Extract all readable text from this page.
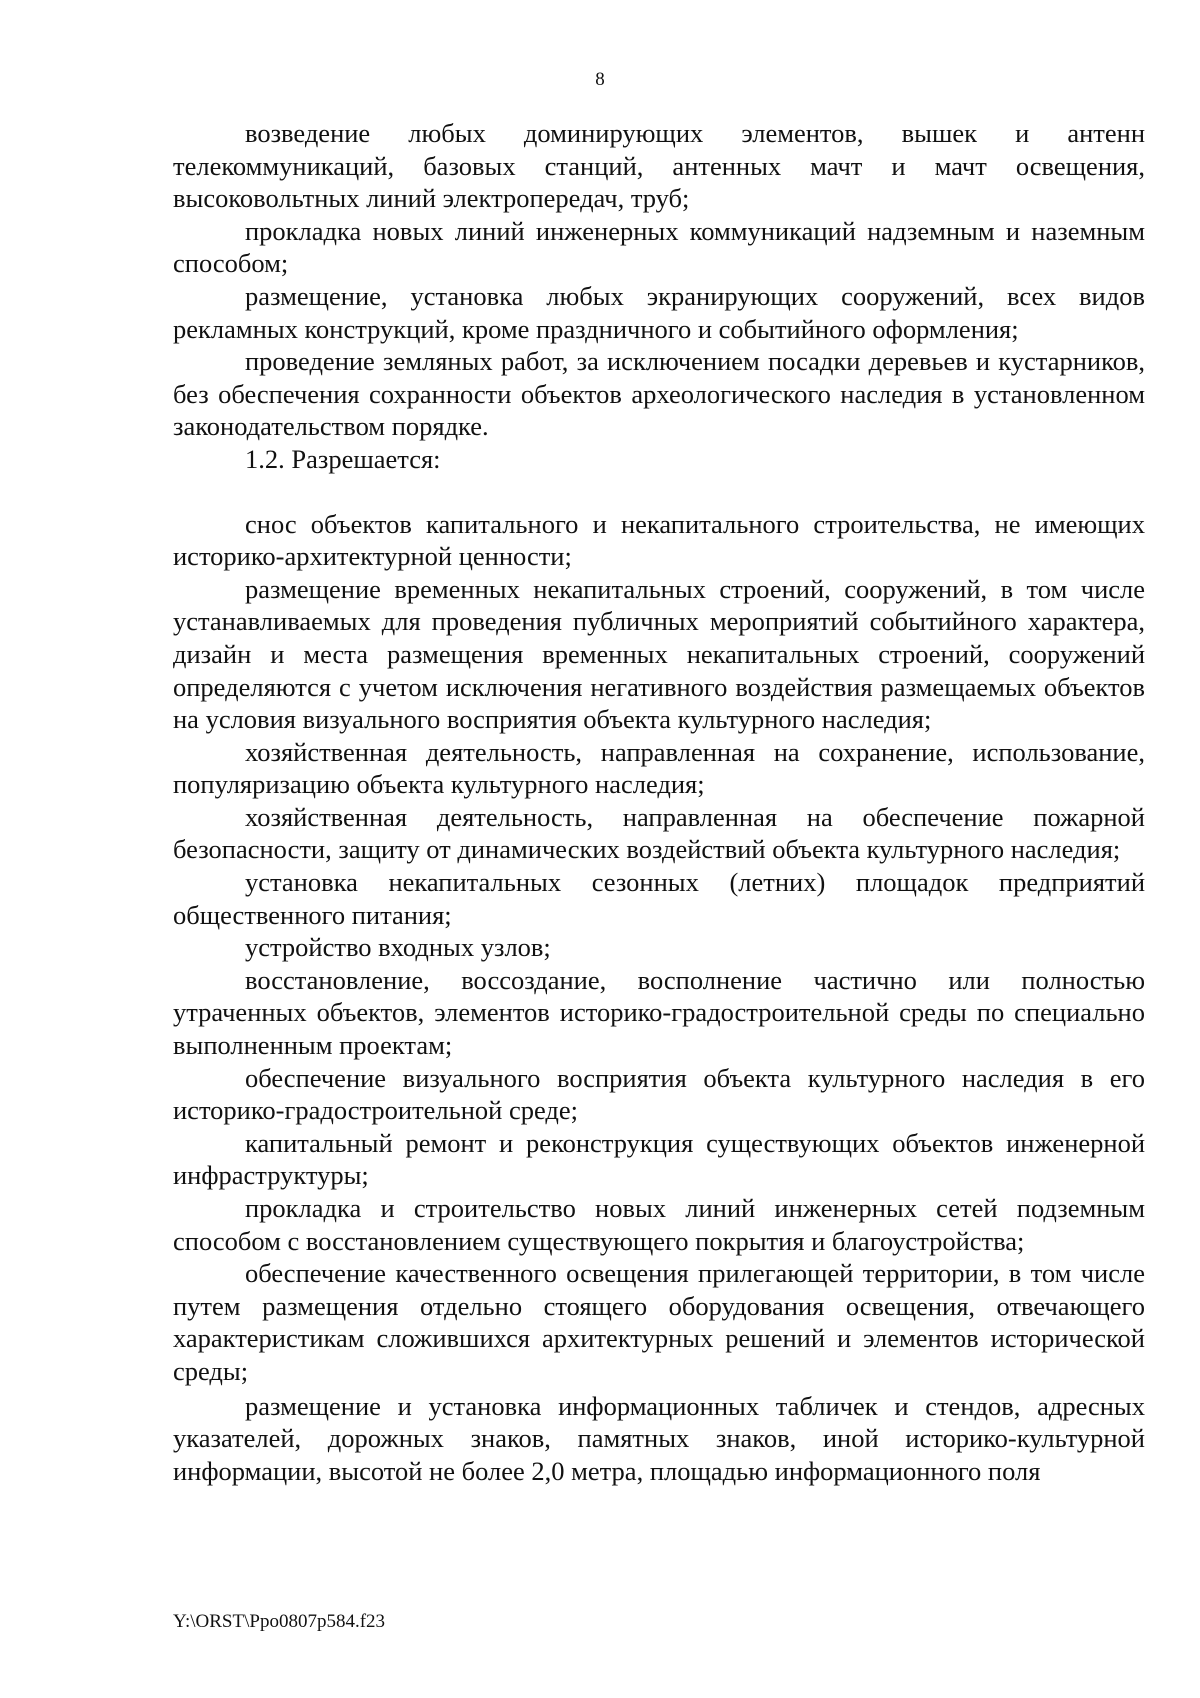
8

возведение любых доминирующих элементов, вышек и антенн телекоммуникаций, базовых станций, антенных мачт и мачт освещения, высоковольтных линий электропередач, труб;

прокладка новых линий инженерных коммуникаций надземным и наземным способом;

размещение, установка любых экранирующих сооружений, всех видов рекламных конструкций, кроме праздничного и событийного оформления;

проведение земляных работ, за исключением посадки деревьев и кустарников, без обеспечения сохранности объектов археологического наследия в установленном законодательством порядке.

1.2. Разрешается:

снос объектов капитального и некапитального строительства, не имеющих историко-архитектурной ценности;

размещение временных некапитальных строений, сооружений, в том числе устанавливаемых для проведения публичных мероприятий событийного характера, дизайн и места размещения временных некапитальных строений, сооружений определяются с учетом исключения негативного воздействия размещаемых объектов на условия визуального восприятия объекта культурного наследия;

хозяйственная деятельность, направленная на сохранение, использование, популяризацию объекта культурного наследия;

хозяйственная деятельность, направленная на обеспечение пожарной безопасности, защиту от динамических воздействий объекта культурного наследия;

установка некапитальных сезонных (летних) площадок предприятий общественного питания;

устройство входных узлов;

восстановление, воссоздание, восполнение частично или полностью утраченных объектов, элементов историко-градостроительной среды по специально выполненным проектам;

обеспечение визуального восприятия объекта культурного наследия в его историко-градостроительной среде;

капитальный ремонт и реконструкция существующих объектов инженерной инфраструктуры;

прокладка и строительство новых линий инженерных сетей подземным способом с восстановлением существующего покрытия и благоустройства;

обеспечение качественного освещения прилегающей территории, в том числе путем размещения отдельно стоящего оборудования освещения, отвечающего характеристикам сложившихся архитектурных решений и элементов исторической среды;

размещение и установка информационных табличек и стендов, адресных указателей, дорожных знаков, памятных знаков, иной историко-культурной информации, высотой не более 2,0 метра, площадью информационного поля

Y:\ORST\Рро0807р584.f23
